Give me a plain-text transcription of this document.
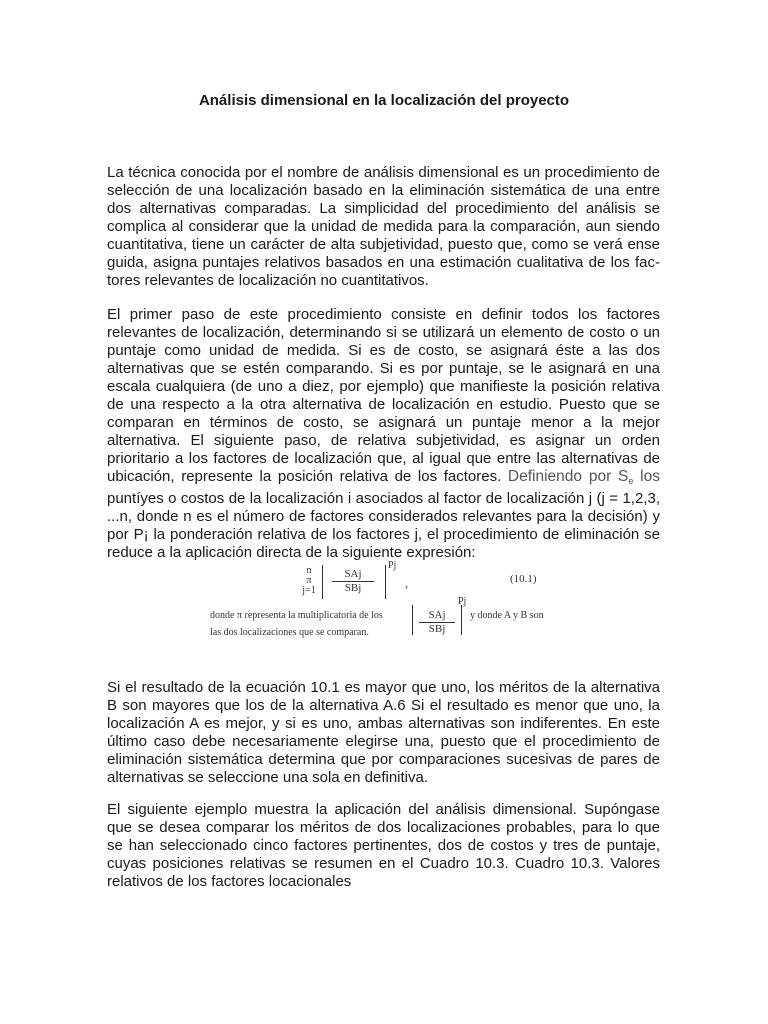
Análisis dimensional en la localización del proyecto

La técnica conocida por el nombre de análisis dimensional es un procedimiento de selección de una localización basado en la eliminación sistemática de una entre dos alternativas comparadas. La simplicidad del procedimiento del análisis se complica al considerar que la unidad de medida para la comparación, aun siendo cuantitativa, tiene un carácter de alta subjetividad, puesto que, como se verá ense guida, asigna puntajes relativos basados en una estimación cualitativa de los factores relevantes de localización no cuantitativos.

El primer paso de este procedimiento consiste en definir todos los factores relevantes de localización, determinando si se utilizará un elemento de costo o un puntaje como unidad de medida. Si es de costo, se asignará éste a las dos alternativas que se estén comparando. Si es por puntaje, se le asignará en una escala cualquiera (de uno a diez, por ejemplo) que manifieste la posición relativa de una respecto a la otra alternativa de localización en estudio. Puesto que se comparan en términos de costo, se asignará un puntaje menor a la mejor alternativa. El siguiente paso, de relativa subjetividad, es asignar un orden prioritario a los factores de localización que, al igual que entre las alternativas de ubicación, represente la posición relativa de los factores. Definiendo por $S_e$ los puntíyes o costos de la localización i asociados al factor de localización j (j = 1,2,3, ...n, donde n es el número de factores considerados relevantes para la decisión) y por P¡ la ponderación relativa de los factores j, el procedimiento de eliminación se reduce a la aplicación directa de la siguiente expresión:

n
π
j=1
SAj
SBj
Pj
,	(10.1)
donde π representa la multiplicatoria de los	SAj
SBj
Pj
y donde A y B son
las dos localizaciones que se comparan.

Si el resultado de la ecuación 10.1 es mayor que uno, los méritos de la alternativa B son mayores que los de la alternativa A.6 Si el resultado es menor que uno, la localización A es mejor, y si es uno, ambas alternativas son indiferentes. En este último caso debe necesariamente elegirse una, puesto que el procedimiento de eliminación sistemática determina que por comparaciones sucesivas de pares de alternativas se seleccione una sola en definitiva.

El siguiente ejemplo muestra la aplicación del análisis dimensional. Supóngase que se desea comparar los méritos de dos localizaciones probables, para lo que se han seleccionado cinco factores pertinentes, dos de costos y tres de puntaje, cuyas posiciones relativas se resumen en el Cuadro 10.3. Cuadro 10.3. Valores relativos de los factores locacionales
